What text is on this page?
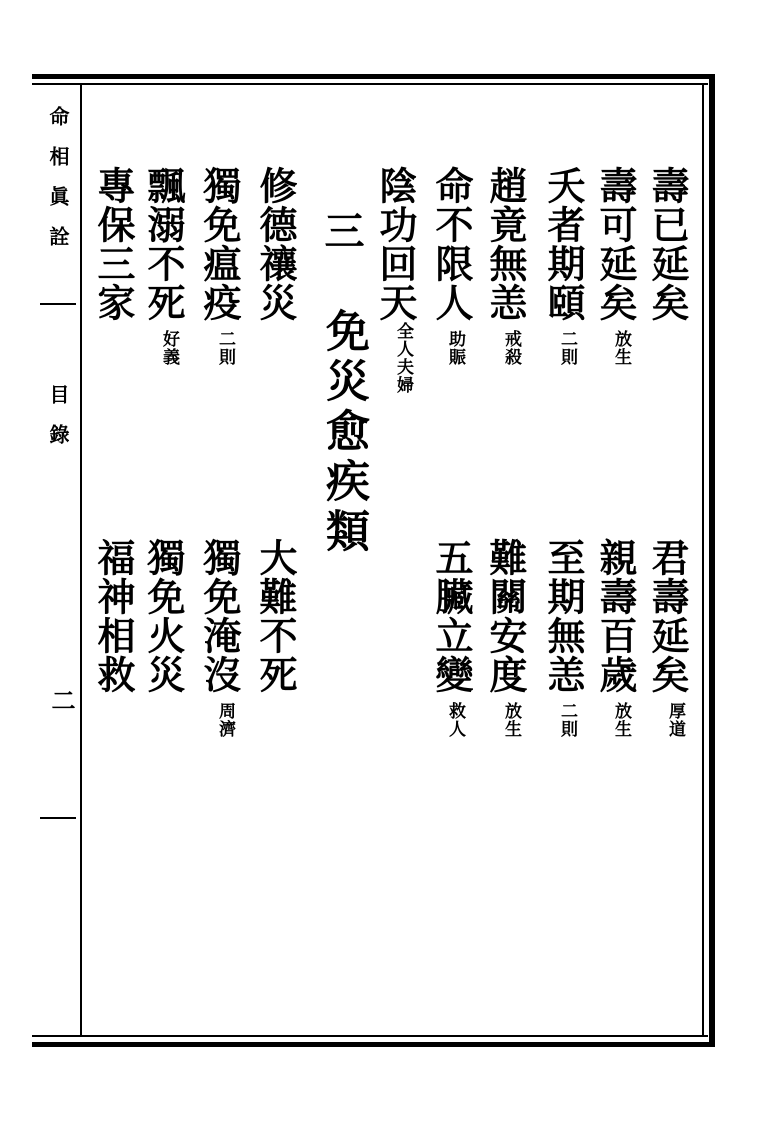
命相眞詮
目錄
二
壽已延矣
壽可延矣
放生
夭者期頤
二則
趙竟無恙
戒殺
命不限人
助賑
陰功回天
全人夫婦
三
免災愈疾類
修德禳災
獨免瘟疫
二則
飄溺不死
好義
專保三家
君壽延矣
厚道
親壽百歲
放生
至期無恙
二則
難關安度
放生
五臟立變
救人
大難不死
獨免淹沒
周濟
獨免火災
福神相救
